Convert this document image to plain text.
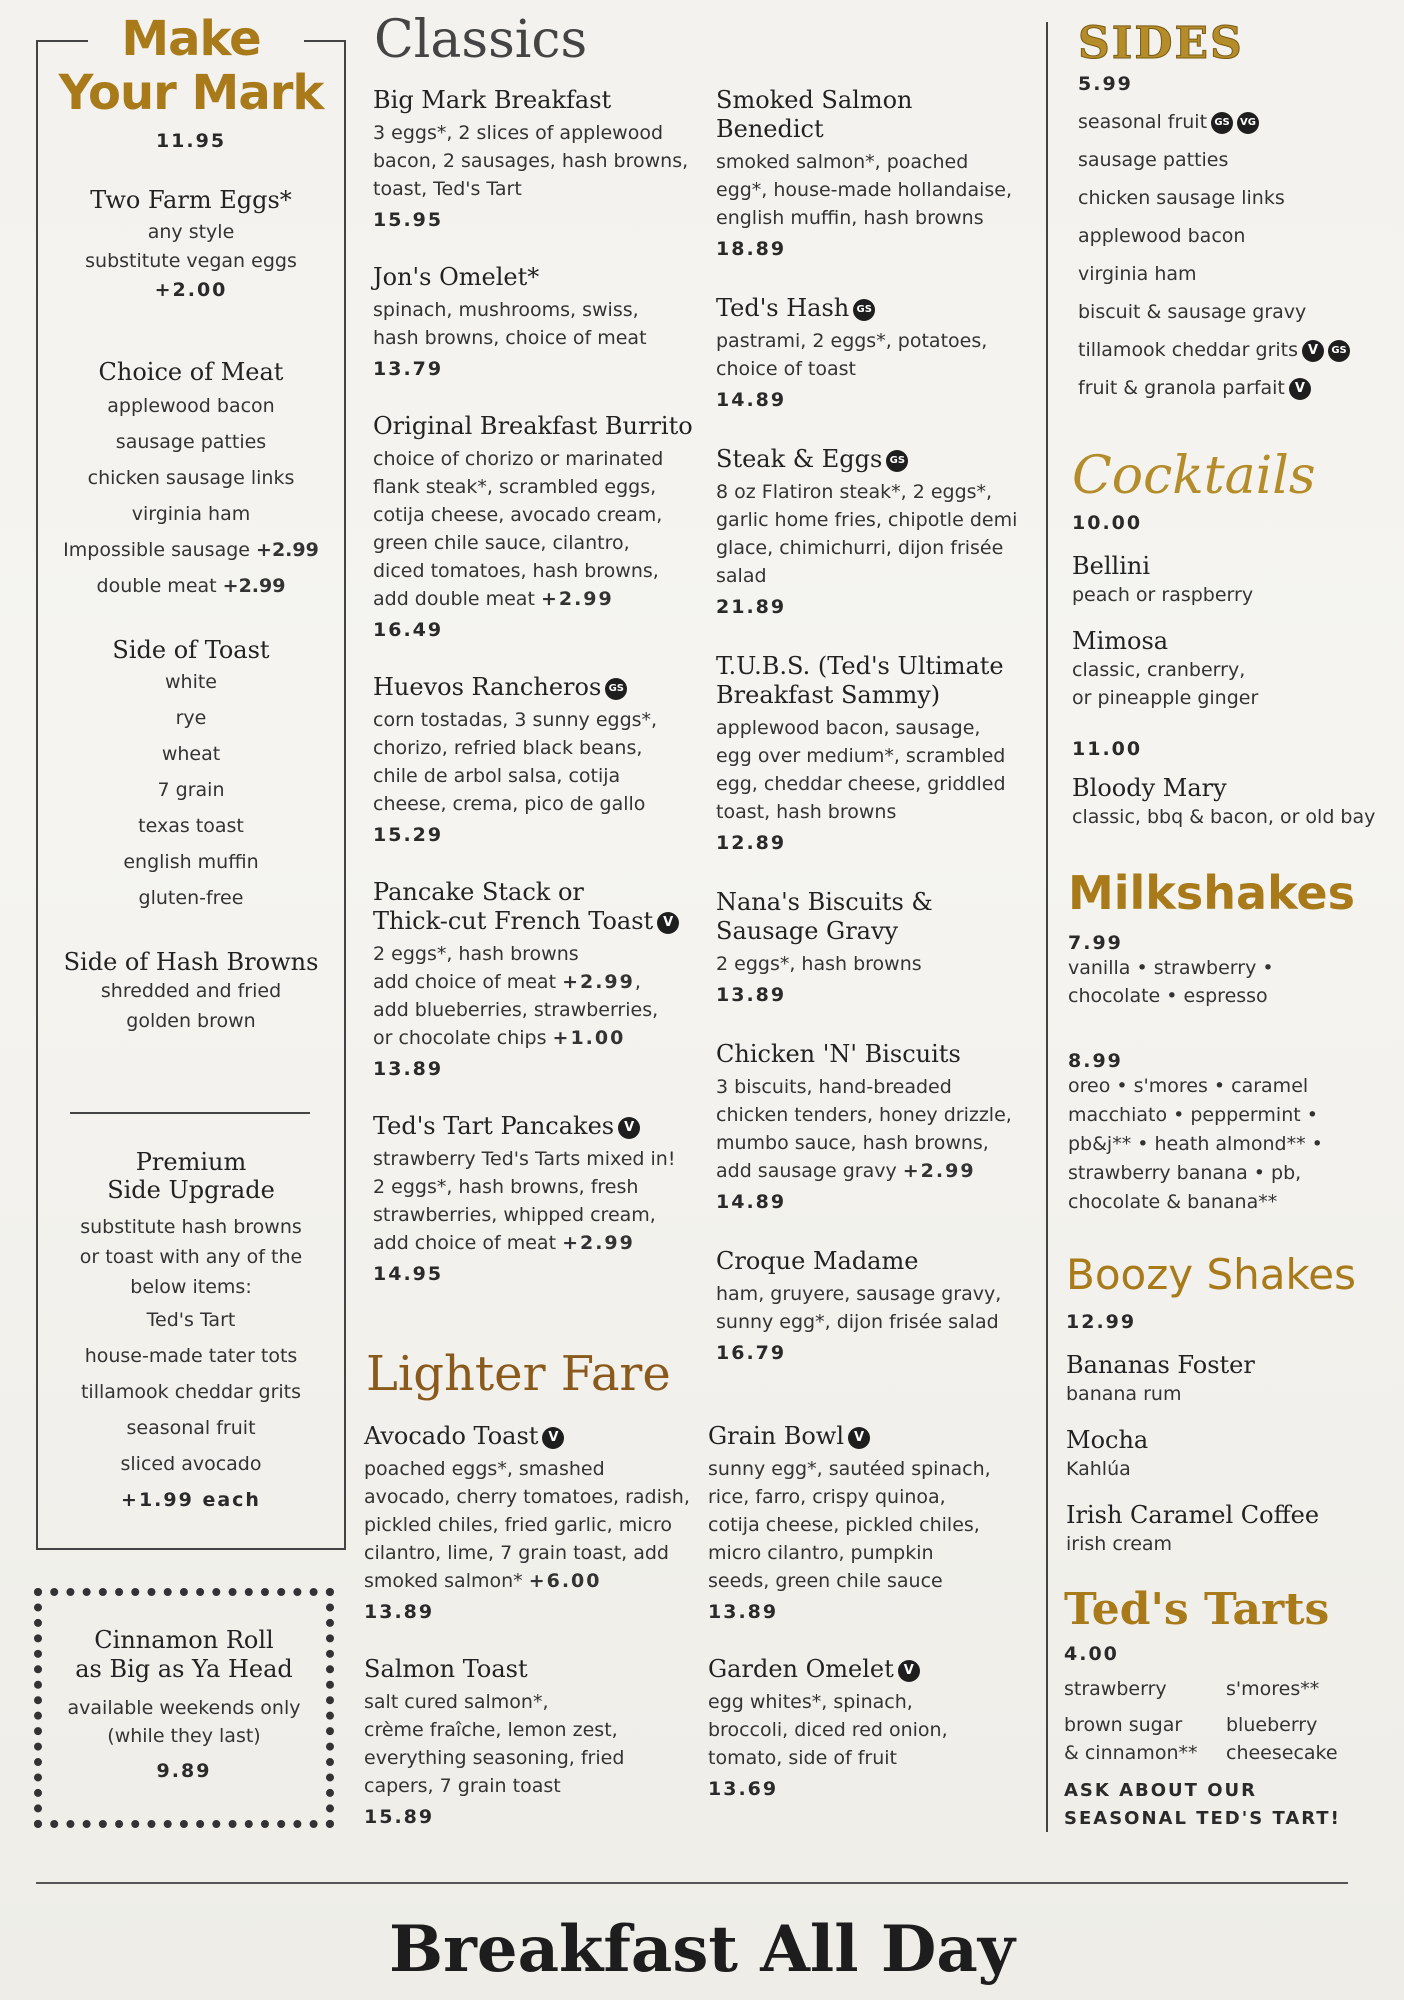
Make
Your Mark
11.95
Two Farm Eggs*
any style
substitute vegan eggs
+2.00
Choice of Meat
applewood bacon
sausage patties
chicken sausage links
virginia ham
Impossible sausage +2.99
double meat +2.99
Side of Toast
white
rye
wheat
7 grain
texas toast
english muffin
gluten-free
Side of Hash Browns
shredded and fried
golden brown
Premium
Side Upgrade
substitute hash browns
or toast with any of the
below items:
Ted's Tart
house-made tater tots
tillamook cheddar grits
seasonal fruit
sliced avocado
+1.99 each
Cinnamon Roll
as Big as Ya Head
available weekends only
(while they last)
9.89
Classics
Big Mark Breakfast
3 eggs*, 2 slices of applewood
bacon, 2 sausages, hash browns,
toast, Ted's Tart
15.95
Jon's Omelet*
spinach, mushrooms, swiss,
hash browns, choice of meat
13.79
Original Breakfast Burrito
choice of chorizo or marinated
flank steak*, scrambled eggs,
cotija cheese, avocado cream,
green chile sauce, cilantro,
diced tomatoes, hash browns,
add double meat +2.99
16.49
Huevos Rancheros GS
corn tostadas, 3 sunny eggs*,
chorizo, refried black beans,
chile de arbol salsa, cotija
cheese, crema, pico de gallo
15.29
Pancake Stack or
Thick-cut French Toast V
2 eggs*, hash browns
add choice of meat +2.99,
add blueberries, strawberries,
or chocolate chips +1.00
13.89
Ted's Tart Pancakes V
strawberry Ted's Tarts mixed in!
2 eggs*, hash browns, fresh
strawberries, whipped cream,
add choice of meat +2.99
14.95
Smoked Salmon
Benedict
smoked salmon*, poached
egg*, house-made hollandaise,
english muffin, hash browns
18.89
Ted's Hash GS
pastrami, 2 eggs*, potatoes,
choice of toast
14.89
Steak & Eggs GS
8 oz Flatiron steak*, 2 eggs*,
garlic home fries, chipotle demi
glace, chimichurri, dijon frisée
salad
21.89
T.U.B.S. (Ted's Ultimate
Breakfast Sammy)
applewood bacon, sausage,
egg over medium*, scrambled
egg, cheddar cheese, griddled
toast, hash browns
12.89
Nana's Biscuits &
Sausage Gravy
2 eggs*, hash browns
13.89
Chicken 'N' Biscuits
3 biscuits, hand-breaded
chicken tenders, honey drizzle,
mumbo sauce, hash browns,
add sausage gravy +2.99
14.89
Croque Madame
ham, gruyere, sausage gravy,
sunny egg*, dijon frisée salad
16.79
Lighter Fare
Avocado Toast V
poached eggs*, smashed
avocado, cherry tomatoes, radish,
pickled chiles, fried garlic, micro
cilantro, lime, 7 grain toast, add
smoked salmon* +6.00
13.89
Salmon Toast
salt cured salmon*,
crème fraîche, lemon zest,
everything seasoning, fried
capers, 7 grain toast
15.89
Grain Bowl V
sunny egg*, sautéed spinach,
rice, farro, crispy quinoa,
cotija cheese, pickled chiles,
micro cilantro, pumpkin
seeds, green chile sauce
13.89
Garden Omelet V
egg whites*, spinach,
broccoli, diced red onion,
tomato, side of fruit
13.69
SIDES
5.99
seasonal fruit GS VG
sausage patties
chicken sausage links
applewood bacon
virginia ham
biscuit & sausage gravy
tillamook cheddar grits V GS
fruit & granola parfait V
Cocktails
10.00
Bellini
peach or raspberry
Mimosa
classic, cranberry,
or pineapple ginger
11.00
Bloody Mary
classic, bbq & bacon, or old bay
Milkshakes
7.99
vanilla • strawberry •
chocolate • espresso
8.99
oreo • s'mores • caramel
macchiato • peppermint •
pb&j** • heath almond** •
strawberry banana • pb,
chocolate & banana**
Boozy Shakes
12.99
Bananas Foster
banana rum
Mocha
Kahlúa
Irish Caramel Coffee
irish cream
Ted's Tarts
4.00
strawberry
brown sugar
& cinnamon**
s'mores**
blueberry
cheesecake
ASK ABOUT OUR
SEASONAL TED'S TART!
Breakfast All Day
